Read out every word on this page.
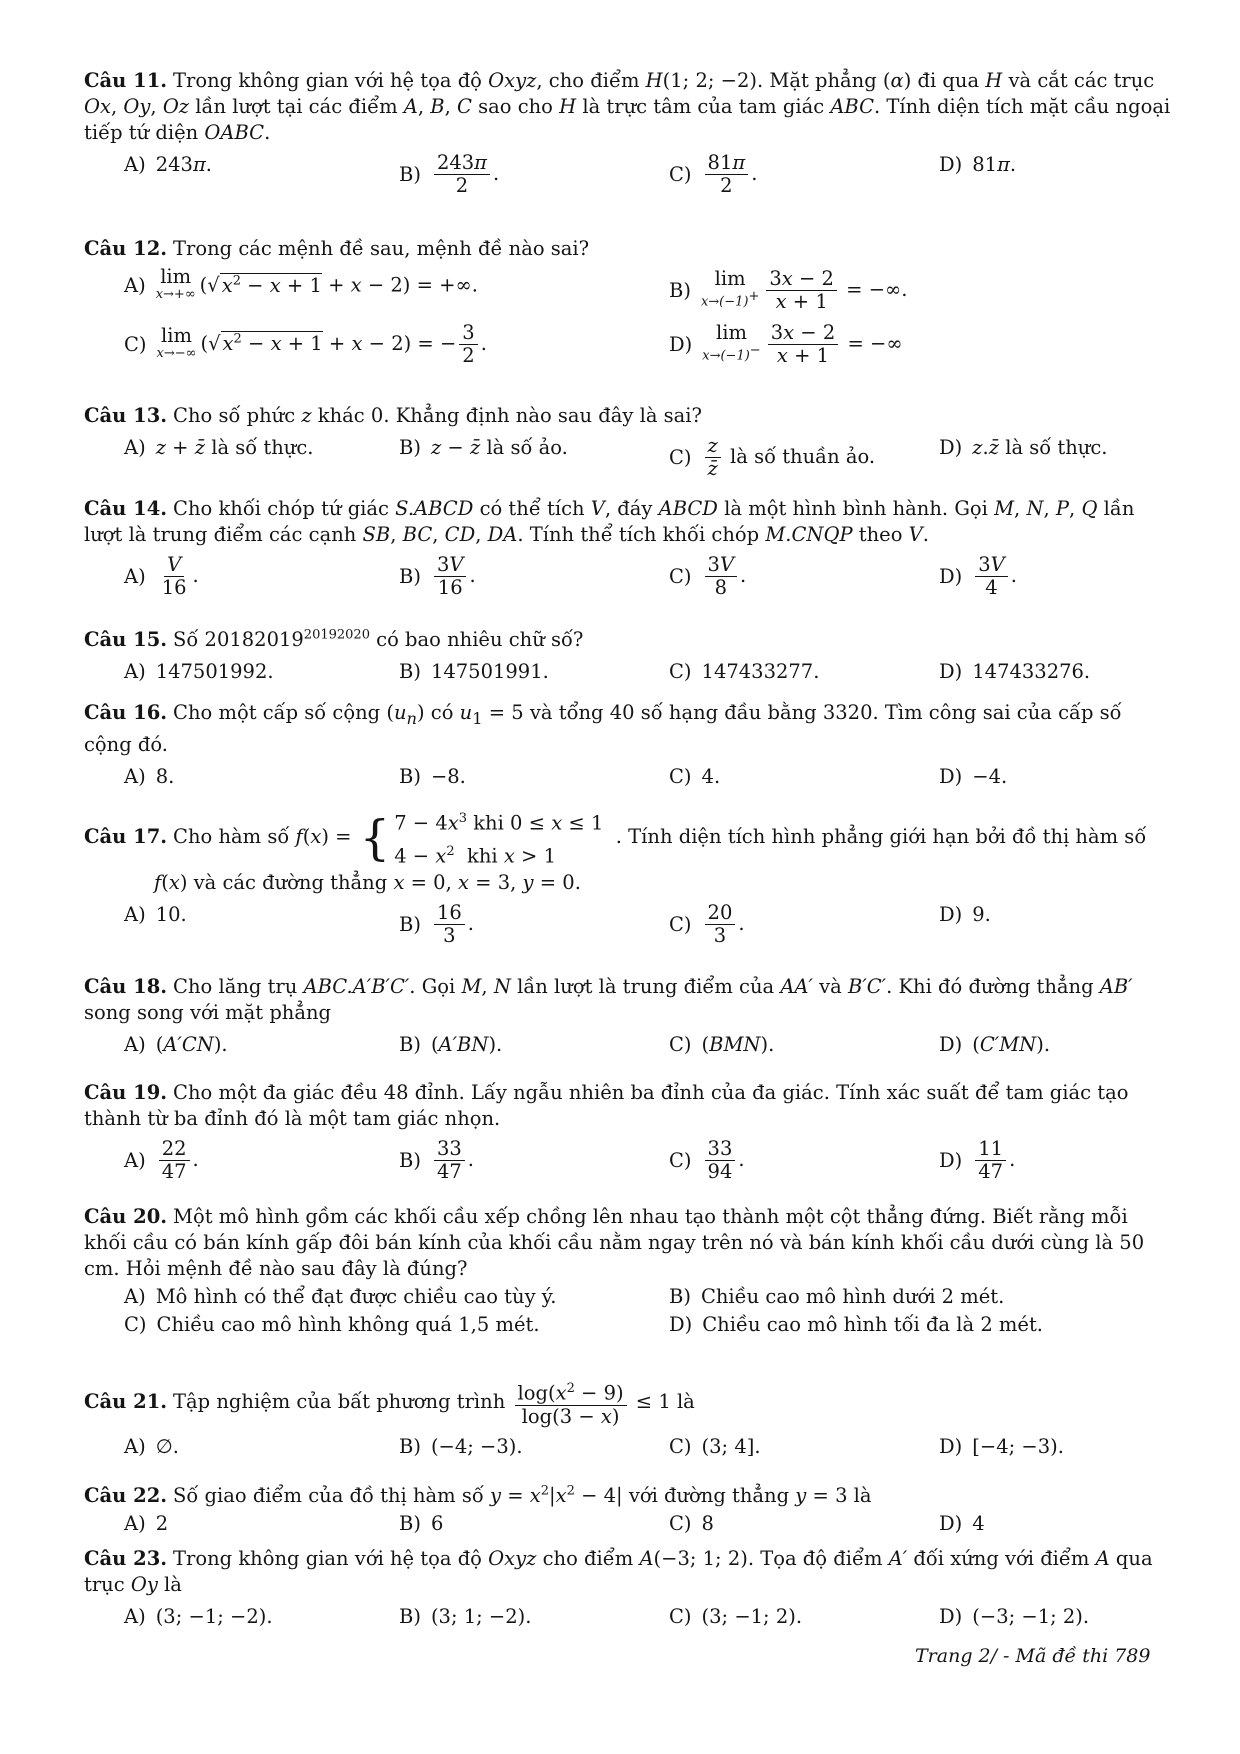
Câu 11. Trong không gian với hệ tọa độ Oxyz, cho điểm H(1; 2; −2). Mặt phẳng (α) đi qua H và cắt các trục Ox, Oy, Oz lần lượt tại các điểm A, B, C sao cho H là trực tâm của tam giác ABC. Tính diện tích mặt cầu ngoại tiếp tứ diện OABC.
A) 243π.	$B) \frac{243\pi}{2}$ .	$C) \frac{81\pi}{2}$ .	D) 81π.
Câu 12. Trong các mệnh đề sau, mệnh đề nào sai?
A) lim
x→+∞ (√ $x^2 - x + 1 + x - 2$) = +∞.	B)
lim
$x\to(-1)^+ \frac{3x - 2}{x + 1}$ = −∞.
C) lim
x→−∞ (√ $x^2 - x + 1 + x - 2$) = − $\frac{3}{2}$ .	D)
lim
$x\to(-1)^- \frac{3x - 2}{x + 1}$ = −∞
Câu 13. Cho số phức z khác 0. Khẳng định nào sau đây là sai?
A) z + z̄ là số thực.	B) z − z̄ là số ảo.	$C) \frac{z}{z̄}$ là số thuần ảo.	D) z.z̄ là số thực.
Câu 14. Cho khối chóp tứ giác S.ABCD có thể tích V, đáy ABCD là một hình bình hành. Gọi M, N, P, Q lần lượt là trung điểm các cạnh SB, BC, CD, DA. Tính thể tích khối chóp M.CNQP theo V.
$A) \frac{V}{16}$ .	$B) \frac{3V}{16}$ .	$C) \frac{3V}{8}$ .	$D) \frac{3V}{4}$ .
Câu 15. Số $20182019^{20192020}$ có bao nhiêu chữ số?
A) 147501992.	B) 147501991.	C) 147433277.	D) 147433276.
Câu 16. Cho một cấp số cộng $(u_n)$ có $u_1 = 5$ và tổng 40 số hạng đầu bằng 3320. Tìm công sai của cấp số cộng đó.
A) 8.	B) −8.	C) 4.	D) −4.
Câu 17. Cho hàm số f(x) = { $7 - 4x^3$ khi 0 ≤ x ≤ 1
$4 - x^2$  khi x > 1
. Tính diện tích hình phẳng giới hạn bởi đồ thị hàm số
f(x) và các đường thẳng x = 0, x = 3, y = 0.
A) 10.	$B) \frac{16}{3}$ .	$C) \frac{20}{3}$ .	D) 9.
Câu 18. Cho lăng trụ ABC.A′B′C′. Gọi M, N lần lượt là trung điểm của AA′ và B′C′. Khi đó đường thẳng AB′ song song với mặt phẳng
A) (A′CN).	B) (A′BN).	C) (BMN).	D) (C′MN).
Câu 19. Cho một đa giác đều 48 đỉnh. Lấy ngẫu nhiên ba đỉnh của đa giác. Tính xác suất để tam giác tạo thành từ ba đỉnh đó là một tam giác nhọn.
$A) \frac{22}{47}$ .	$B) \frac{33}{47}$ .	$C) \frac{33}{94}$ .	$D) \frac{11}{47}$ .
Câu 20. Một mô hình gồm các khối cầu xếp chồng lên nhau tạo thành một cột thẳng đứng. Biết rằng mỗi khối cầu có bán kính gấp đôi bán kính của khối cầu nằm ngay trên nó và bán kính khối cầu dưới cùng là 50 cm. Hỏi mệnh đề nào sau đây là đúng?
A) Mô hình có thể đạt được chiều cao tùy ý.	B) Chiều cao mô hình dưới 2 mét.
C) Chiều cao mô hình không quá 1,5 mét.	D) Chiều cao mô hình tối đa là 2 mét.
Câu 21. Tập nghiệm của bất phương trình $\frac{\log(x^2 - 9)}{\log(3 - x)} \le 1$ là
A) ∅.	B) (−4; −3).	C) (3; 4].	D) [−4; −3).
Câu 22. Số giao điểm của đồ thị hàm số $y = x^2|x^2 - 4|$ với đường thẳng y = 3 là
A) 2	B) 6	C) 8	D) 4
Câu 23. Trong không gian với hệ tọa độ Oxyz cho điểm A(−3; 1; 2). Tọa độ điểm A′ đối xứng với điểm A qua trục Oy là
A) (3; −1; −2).	B) (3; 1; −2).	C) (3; −1; 2).	D) (−3; −1; 2).
Trang 2/ - Mã đề thi 789
